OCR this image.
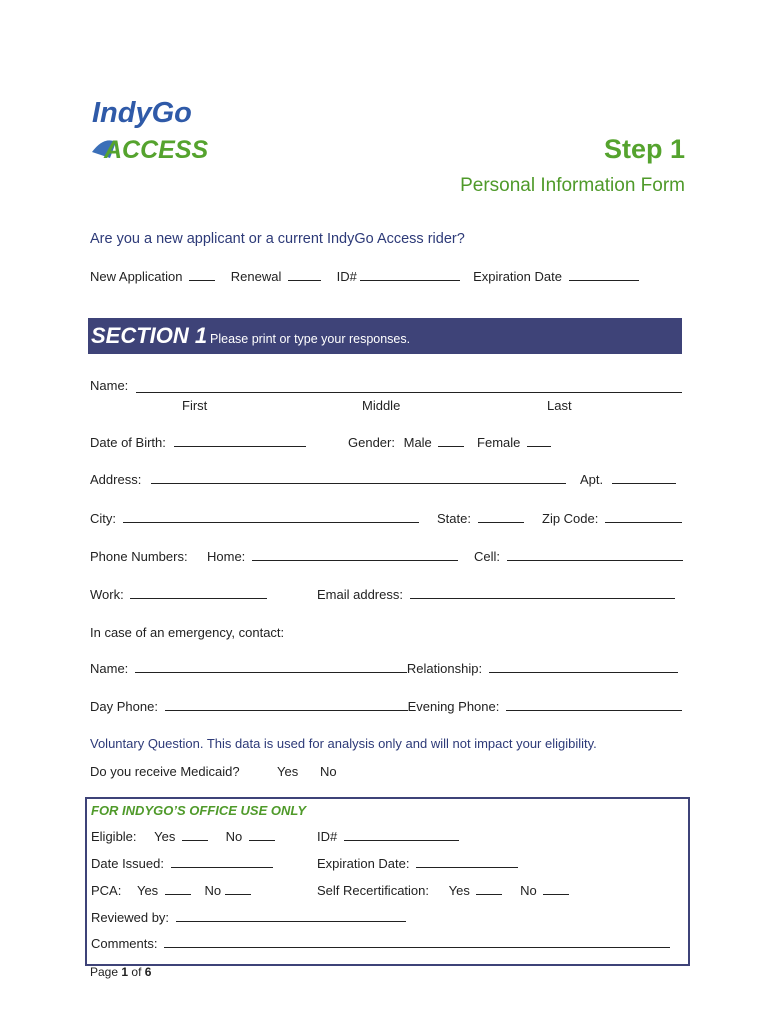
IndyGo
ACCESS	Step 1
Personal Information Form
Are you a new applicant or a current IndyGo Access rider?
New Application	Renewal	ID#	Expiration Date
SECTION 1 Please print or type your responses.
Name:
First	Middle	Last
Date of Birth:	Gender: Male	Female
Address:	Apt.
City:	State:	Zip Code:
Phone Numbers: Home:	Cell:
Work:	Email address:
In case of an emergency, contact:
Name:	Relationship:
Day Phone:	Evening Phone:
Voluntary Question. This data is used for analysis only and will not impact your eligibility.
Do you receive Medicaid?	Yes No
FOR INDYGO’S OFFICE USE ONLY
Eligible: Yes	No	ID#
Date Issued:	Expiration Date:
PCA: Yes	No	Self Recertification: Yes	No
Reviewed by:
Comments:
Page 1 of 6
